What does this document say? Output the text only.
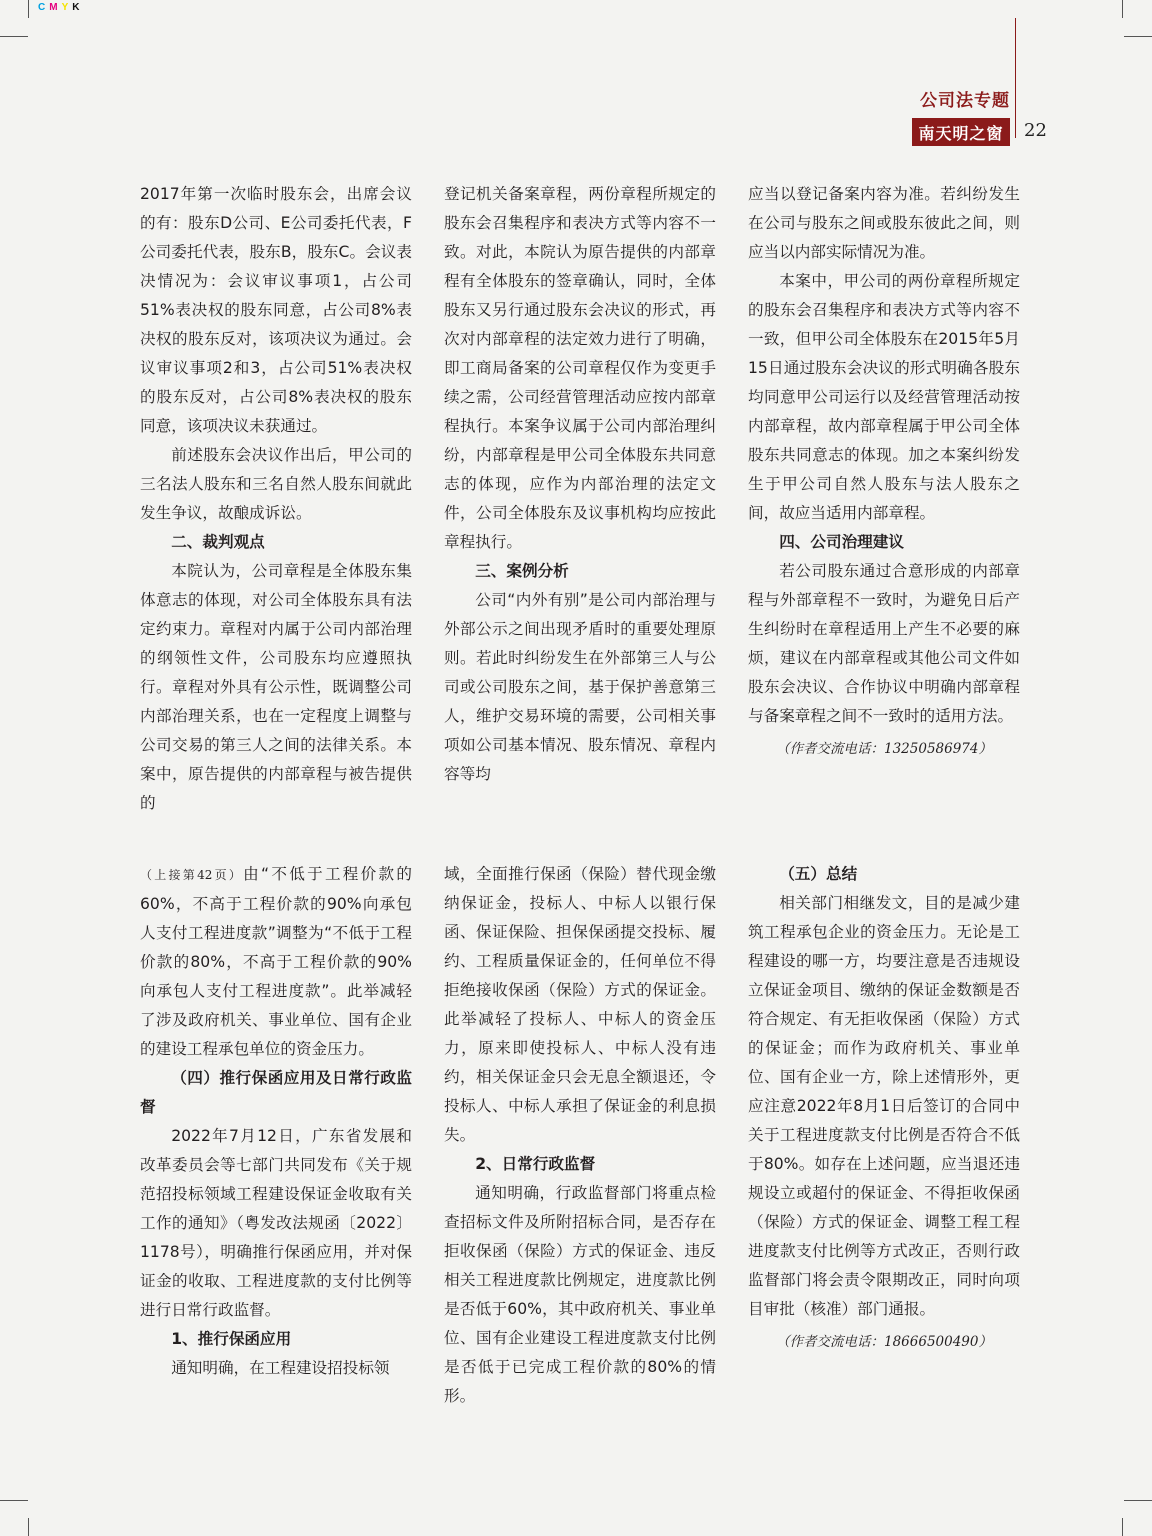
CMYK
公司法专题
南天明之窗	22

2017年第一次临时股东会，出席会议的有：股东D公司、E公司委托代表，F公司委托代表，股东B，股东C。会议表决情况为：会议审议事项1，占公司51%表决权的股东同意，占公司8%表决权的股东反对，该项决议为通过。会议审议事项2和3，占公司51%表决权的股东反对，占公司8%表决权的股东同意，该项决议未获通过。

前述股东会决议作出后，甲公司的三名法人股东和三名自然人股东间就此发生争议，故酿成诉讼。

二、裁判观点

本院认为，公司章程是全体股东集体意志的体现，对公司全体股东具有法定约束力。章程对内属于公司内部治理的纲领性文件，公司股东均应遵照执行。章程对外具有公示性，既调整公司内部治理关系，也在一定程度上调整与公司交易的第三人之间的法律关系。本案中，原告提供的内部章程与被告提供的

登记机关备案章程，两份章程所规定的股东会召集程序和表决方式等内容不一致。对此，本院认为原告提供的内部章程有全体股东的签章确认，同时，全体股东又另行通过股东会决议的形式，再次对内部章程的法定效力进行了明确，即工商局备案的公司章程仅作为变更手续之需，公司经营管理活动应按内部章程执行。本案争议属于公司内部治理纠纷，内部章程是甲公司全体股东共同意志的体现，应作为内部治理的法定文件，公司全体股东及议事机构均应按此章程执行。

三、案例分析

公司“内外有别”是公司内部治理与外部公示之间出现矛盾时的重要处理原则。若此时纠纷发生在外部第三人与公司或公司股东之间，基于保护善意第三人，维护交易环境的需要，公司相关事项如公司基本情况、股东情况、章程内容等均

应当以登记备案内容为准。若纠纷发生在公司与股东之间或股东彼此之间，则应当以内部实际情况为准。

本案中，甲公司的两份章程所规定的股东会召集程序和表决方式等内容不一致，但甲公司全体股东在2015年5月15日通过股东会决议的形式明确各股东均同意甲公司运行以及经营管理活动按内部章程，故内部章程属于甲公司全体股东共同意志的体现。加之本案纠纷发生于甲公司自然人股东与法人股东之间，故应当适用内部章程。

四、公司治理建议

若公司股东通过合意形成的内部章程与外部章程不一致时，为避免日后产生纠纷时在章程适用上产生不必要的麻烦，建议在内部章程或其他公司文件如股东会决议、合作协议中明确内部章程与备案章程之间不一致时的适用方法。

（作者交流电话：13250586974）

（上接第42页）由“不低于工程价款的60%，不高于工程价款的90%向承包人支付工程进度款”调整为“不低于工程价款的80%，不高于工程价款的90%向承包人支付工程进度款”。此举减轻了涉及政府机关、事业单位、国有企业的建设工程承包单位的资金压力。

（四）推行保函应用及日常行政监督

2022年7月12日，广东省发展和改革委员会等七部门共同发布《关于规范招投标领域工程建设保证金收取有关工作的通知》（粤发改法规函〔2022〕1178号），明确推行保函应用，并对保证金的收取、工程进度款的支付比例等进行日常行政监督。

1、推行保函应用

通知明确，在工程建设招投标领

域，全面推行保函（保险）替代现金缴纳保证金，投标人、中标人以银行保函、保证保险、担保保函提交投标、履约、工程质量保证金的，任何单位不得拒绝接收保函（保险）方式的保证金。此举减轻了投标人、中标人的资金压力，原来即使投标人、中标人没有违约，相关保证金只会无息全额退还，令投标人、中标人承担了保证金的利息损失。

2、日常行政监督

通知明确，行政监督部门将重点检查招标文件及所附招标合同，是否存在拒收保函（保险）方式的保证金、违反相关工程进度款比例规定，进度款比例是否低于60%，其中政府机关、事业单位、国有企业建设工程进度款支付比例是否低于已完成工程价款的80%的情形。

（五）总结

相关部门相继发文，目的是减少建筑工程承包企业的资金压力。无论是工程建设的哪一方，均要注意是否违规设立保证金项目、缴纳的保证金数额是否符合规定、有无拒收保函（保险）方式的保证金；而作为政府机关、事业单位、国有企业一方，除上述情形外，更应注意2022年8月1日后签订的合同中关于工程进度款支付比例是否符合不低于80%。如存在上述问题，应当退还违规设立或超付的保证金、不得拒收保函（保险）方式的保证金、调整工程工程进度款支付比例等方式改正，否则行政监督部门将会责令限期改正，同时向项目审批（核准）部门通报。

（作者交流电话：18666500490）
